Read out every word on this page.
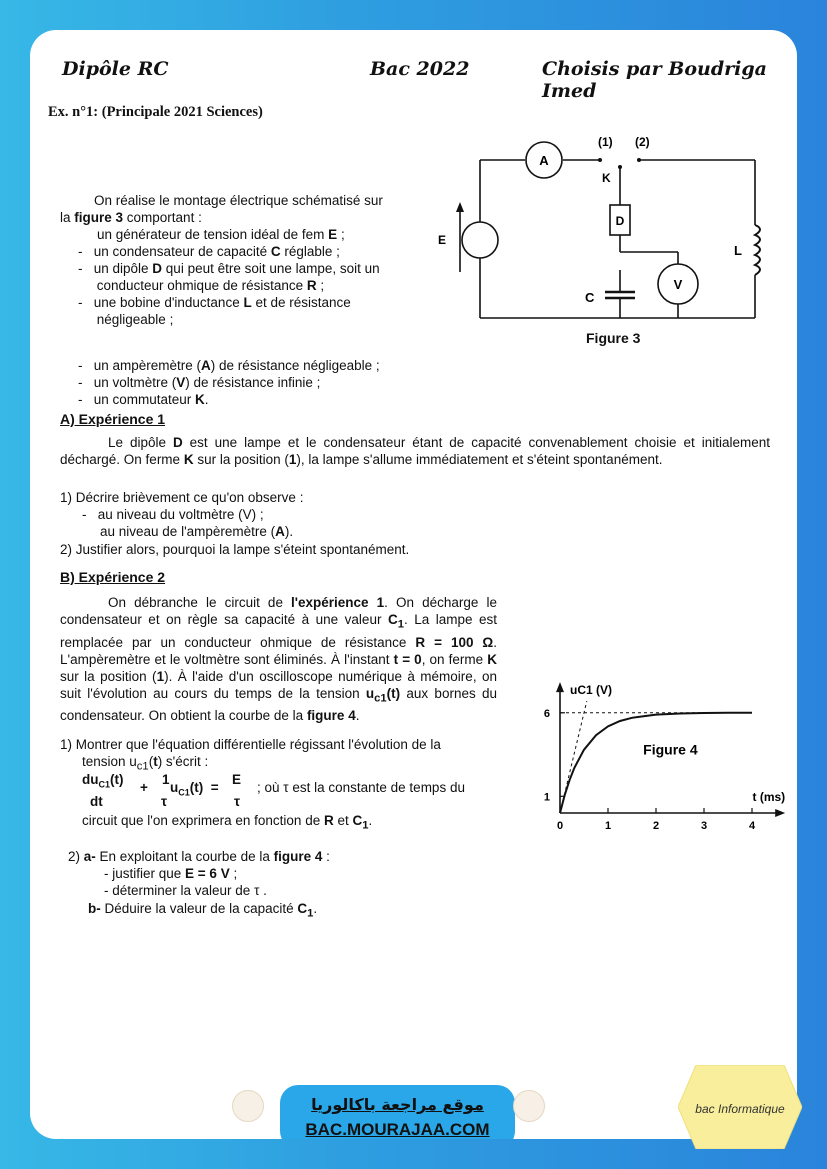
Dipôle RC	Bac 2022	Choisis par Boudriga Imed
Ex. n°1: (Principale 2021 Sciences)
On réalise le montage électrique schématisé sur
la figure 3 comportant :
un générateur de tension idéal de fem E ;
-   un condensateur de capacité C réglable ;
-   un dipôle D qui peut être soit une lampe, soit un
conducteur ohmique de résistance R ;
-   une bobine d'inductance L et de résistance
négligeable ;
-   un ampèremètre (A) de résistance négligeable ;
-   un voltmètre (V) de résistance infinie ;
-   un commutateur K.
A
(1) (2)
K
D
E
C
V
L
Figure 3
A) Expérience 1
Le dipôle D est une lampe et le condensateur étant de capacité convenablement choisie et initialement déchargé. On ferme K sur la position (1), la lampe s'allume immédiatement et s'éteint spontanément.
1) Décrire brièvement ce qu'on observe :
-   au niveau du voltmètre (V) ;
au niveau de l'ampèremètre (A).
2) Justifier alors, pourquoi la lampe s'éteint spontanément.
B) Expérience 2
On débranche le circuit de l'expérience 1. On décharge le condensateur et on règle sa capacité à une valeur $C_1$. La lampe est remplacée par un conducteur ohmique de résistance R = 100 Ω. L'ampèremètre et le voltmètre sont éliminés. À l'instant t = 0, on ferme K sur la position (1). À l'aide d'un oscilloscope numérique à mémoire, on suit l'évolution au cours du temps de la tension $u_{c1}(t)$ aux bornes du condensateur. On obtient la courbe de la figure 4.
1) Montrer que l'équation différentielle régissant l'évolution de la
tension $u_{c1}(t)$ s'écrit :
$du_{C1}(t)$
dt
+
1
τ
$u_{C1}(t)$  =
E
τ
; où τ est la constante de temps du
circuit que l'on exprimera en fonction de R et $C_1$.
2) a- En exploitant la courbe de la figure 4 :
- justifier que E = 6 V ;
- déterminer la valeur de τ .
b- Déduire la valeur de la capacité $C_1$.
0	1	2	3	4
1
6
uC1 (V)
t (ms)
Figure 4
موقع مراجعة باكالوريا
BAC.MOURAJAA.COM
bac Informatique
